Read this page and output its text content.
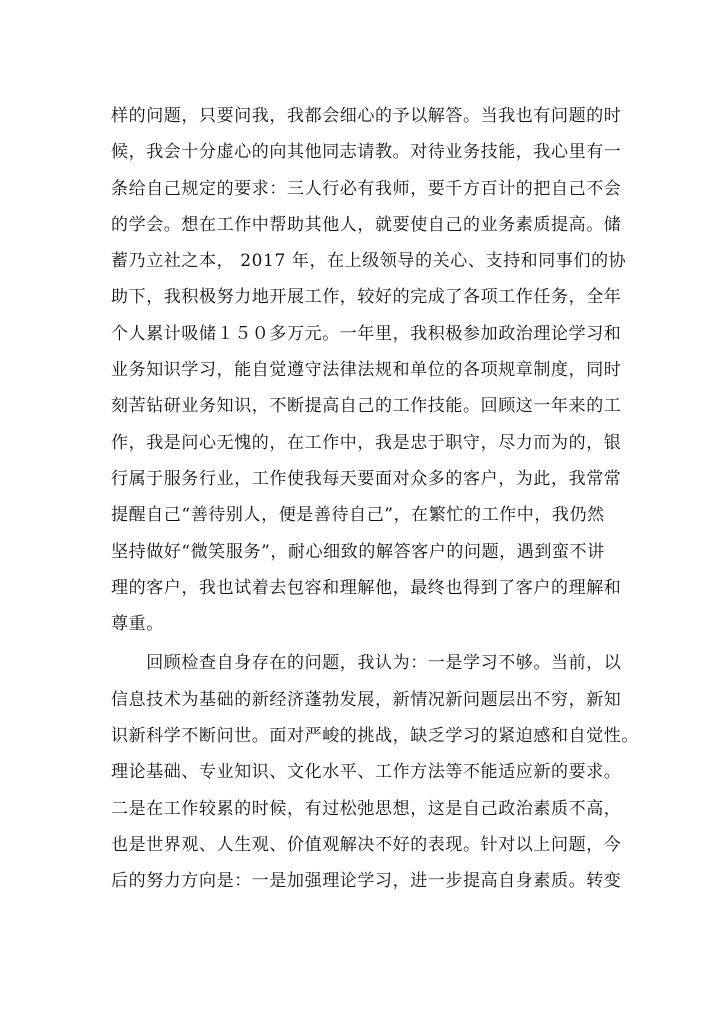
样的问题，只要问我，我都会细心的予以解答。当我也有问题的时
候，我会十分虚心的向其他同志请教。对待业务技能，我心里有一
条给自己规定的要求：三人行必有我师，要千方百计的把自己不会
的学会。想在工作中帮助其他人，就要使自己的业务素质提高。储
蓄乃立社之本， 2017 年，在上级领导的关心、支持和同事们的协
助下，我积极努力地开展工作，较好的完成了各项工作任务，全年
个人累计吸储１５０多万元。一年里，我积极参加政治理论学习和
业务知识学习，能自觉遵守法律法规和单位的各项规章制度，同时
刻苦钻研业务知识，不断提高自己的工作技能。回顾这一年来的工
作，我是问心无愧的，在工作中，我是忠于职守，尽力而为的，银
行属于服务行业，工作使我每天要面对众多的客户，为此，我常常
提醒自己“善待别人，便是善待自己”，在繁忙的工作中，我仍然
坚持做好“微笑服务”，耐心细致的解答客户的问题，遇到蛮不讲
理的客户，我也试着去包容和理解他，最终也得到了客户的理解和
尊重。
　　回顾检查自身存在的问题，我认为：一是学习不够。当前，以
信息技术为基础的新经济蓬勃发展，新情况新问题层出不穷，新知
识新科学不断问世。面对严峻的挑战，缺乏学习的紧迫感和自觉性。
理论基础、专业知识、文化水平、工作方法等不能适应新的要求。
二是在工作较累的时候，有过松弛思想，这是自己政治素质不高，
也是世界观、人生观、价值观解决不好的表现。针对以上问题，今
后的努力方向是：一是加强理论学习，进一步提高自身素质。转变
